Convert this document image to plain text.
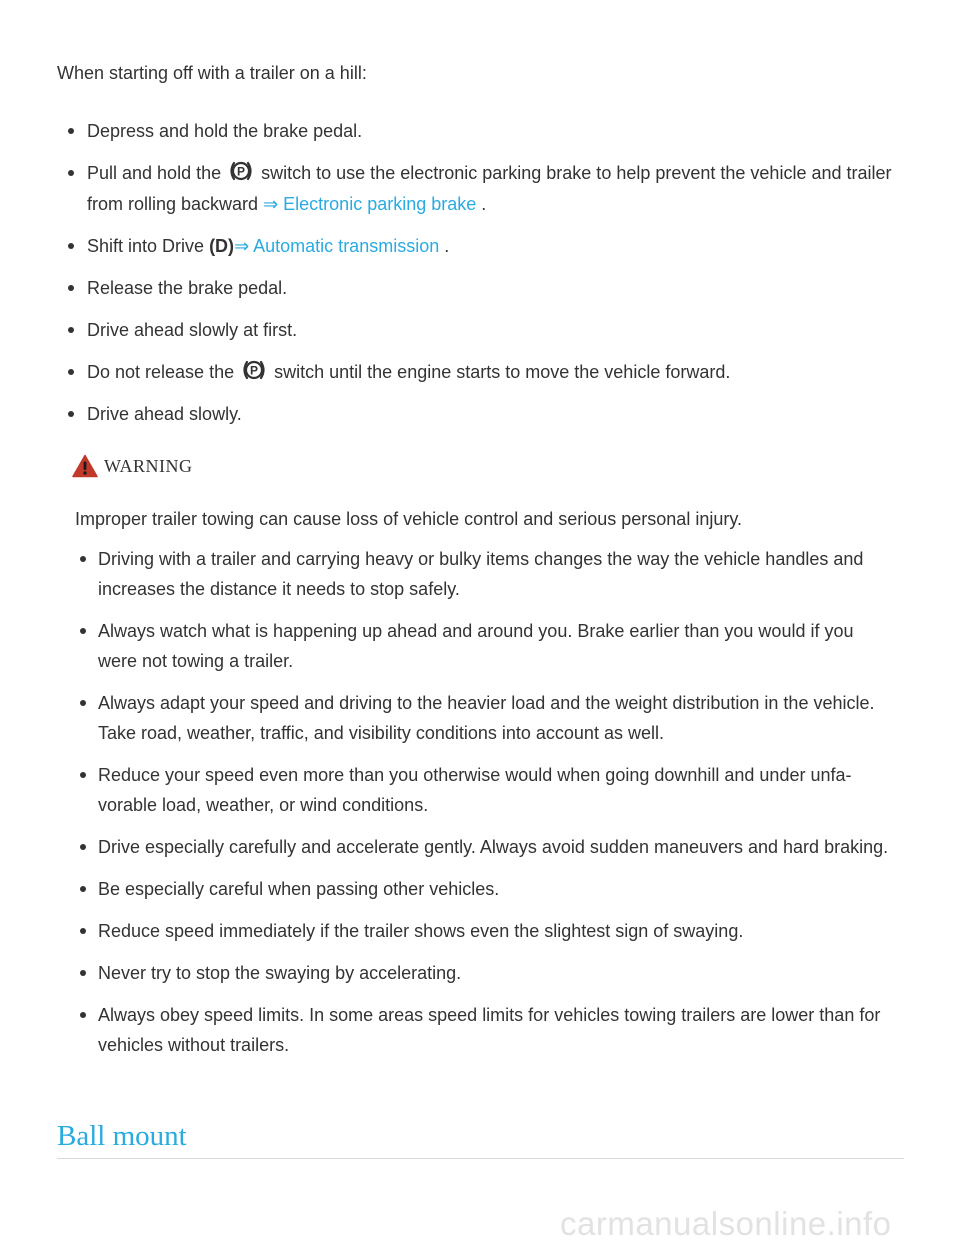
When starting off with a trailer on a hill:

Depress and hold the brake pedal.
Pull and hold the P switch to use the electronic parking brake to help prevent the vehicle and trailer from rolling backward ⇒ Electronic parking brake .
Shift into Drive (D)⇒ Automatic transmission .
Release the brake pedal.
Drive ahead slowly at first.
Do not release the P switch until the engine starts to move the vehicle forward.
Drive ahead slowly.
WARNING

Improper trailer towing can cause loss of vehicle control and serious personal injury.

Driving with a trailer and carrying heavy or bulky items changes the way the vehicle handles and increases the distance it needs to stop safely.
Always watch what is happening up ahead and around you. Brake earlier than you would if you were not towing a trailer.
Always adapt your speed and driving to the heavier load and the weight distribution in the vehicle. Take road, weather, traffic, and visibility conditions into account as well.
Reduce your speed even more than you otherwise would when going downhill and under unfavorable load, weather, or wind conditions.
Drive especially carefully and accelerate gently. Always avoid sudden maneuvers and hard braking.
Be especially careful when passing other vehicles.
Reduce speed immediately if the trailer shows even the slightest sign of swaying.
Never try to stop the swaying by accelerating.
Always obey speed limits. In some areas speed limits for vehicles towing trailers are lower than for vehicles without trailers.
Ball mount
carmanualsonline.info
